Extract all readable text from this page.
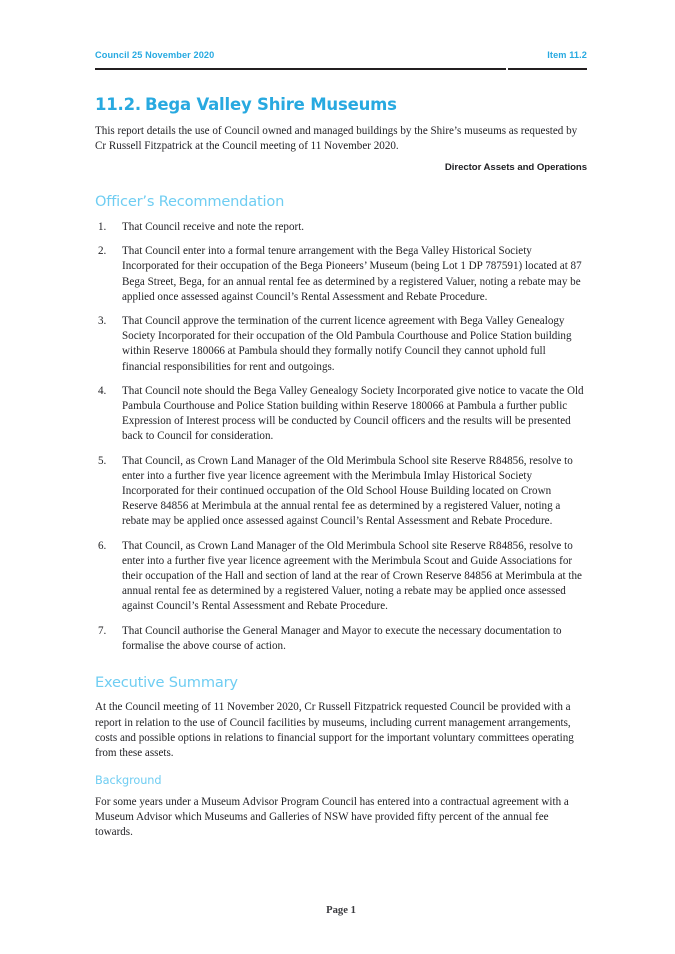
Council 25 November 2020	Item 11.2
11.2. Bega Valley Shire Museums

This report details the use of Council owned and managed buildings by the Shire’s museums as requested by Cr Russell Fitzpatrick at the Council meeting of 11 November 2020.

Director Assets and Operations

Officer’s Recommendation
1.	That Council receive and note the report.
2.	That Council enter into a formal tenure arrangement with the Bega Valley Historical Society Incorporated for their occupation of the Bega Pioneers’ Museum (being Lot 1 DP 787591) located at 87 Bega Street, Bega, for an annual rental fee as determined by a registered Valuer, noting a rebate may be applied once assessed against Council’s Rental Assessment and Rebate Procedure.
3.	That Council approve the termination of the current licence agreement with Bega Valley Genealogy Society Incorporated for their occupation of the Old Pambula Courthouse and Police Station building within Reserve 180066 at Pambula should they formally notify Council they cannot uphold full financial responsibilities for rent and outgoings.
4.	That Council note should the Bega Valley Genealogy Society Incorporated give notice to vacate the Old Pambula Courthouse and Police Station building within Reserve 180066 at Pambula a further public Expression of Interest process will be conducted by Council officers and the results will be presented back to Council for consideration.
5.	That Council, as Crown Land Manager of the Old Merimbula School site Reserve R84856, resolve to enter into a further five year licence agreement with the Merimbula Imlay Historical Society Incorporated for their continued occupation of the Old School House Building located on Crown Reserve 84856 at Merimbula at the annual rental fee as determined by a registered Valuer, noting a rebate may be applied once assessed against Council’s Rental Assessment and Rebate Procedure.
6.	That Council, as Crown Land Manager of the Old Merimbula School site Reserve R84856, resolve to enter into a further five year licence agreement with the Merimbula Scout and Guide Associations for their occupation of the Hall and section of land at the rear of Crown Reserve 84856 at Merimbula at the annual rental fee as determined by a registered Valuer, noting a rebate may be applied once assessed against Council’s Rental Assessment and Rebate Procedure.
7.	That Council authorise the General Manager and Mayor to execute the necessary documentation to formalise the above course of action.
Executive Summary

At the Council meeting of 11 November 2020, Cr Russell Fitzpatrick requested Council be provided with a report in relation to the use of Council facilities by museums, including current management arrangements, costs and possible options in relations to financial support for the important voluntary committees operating from these assets.

Background

For some years under a Museum Advisor Program Council has entered into a contractual agreement with a Museum Advisor which Museums and Galleries of NSW have provided fifty percent of the annual fee towards.

Page 1
